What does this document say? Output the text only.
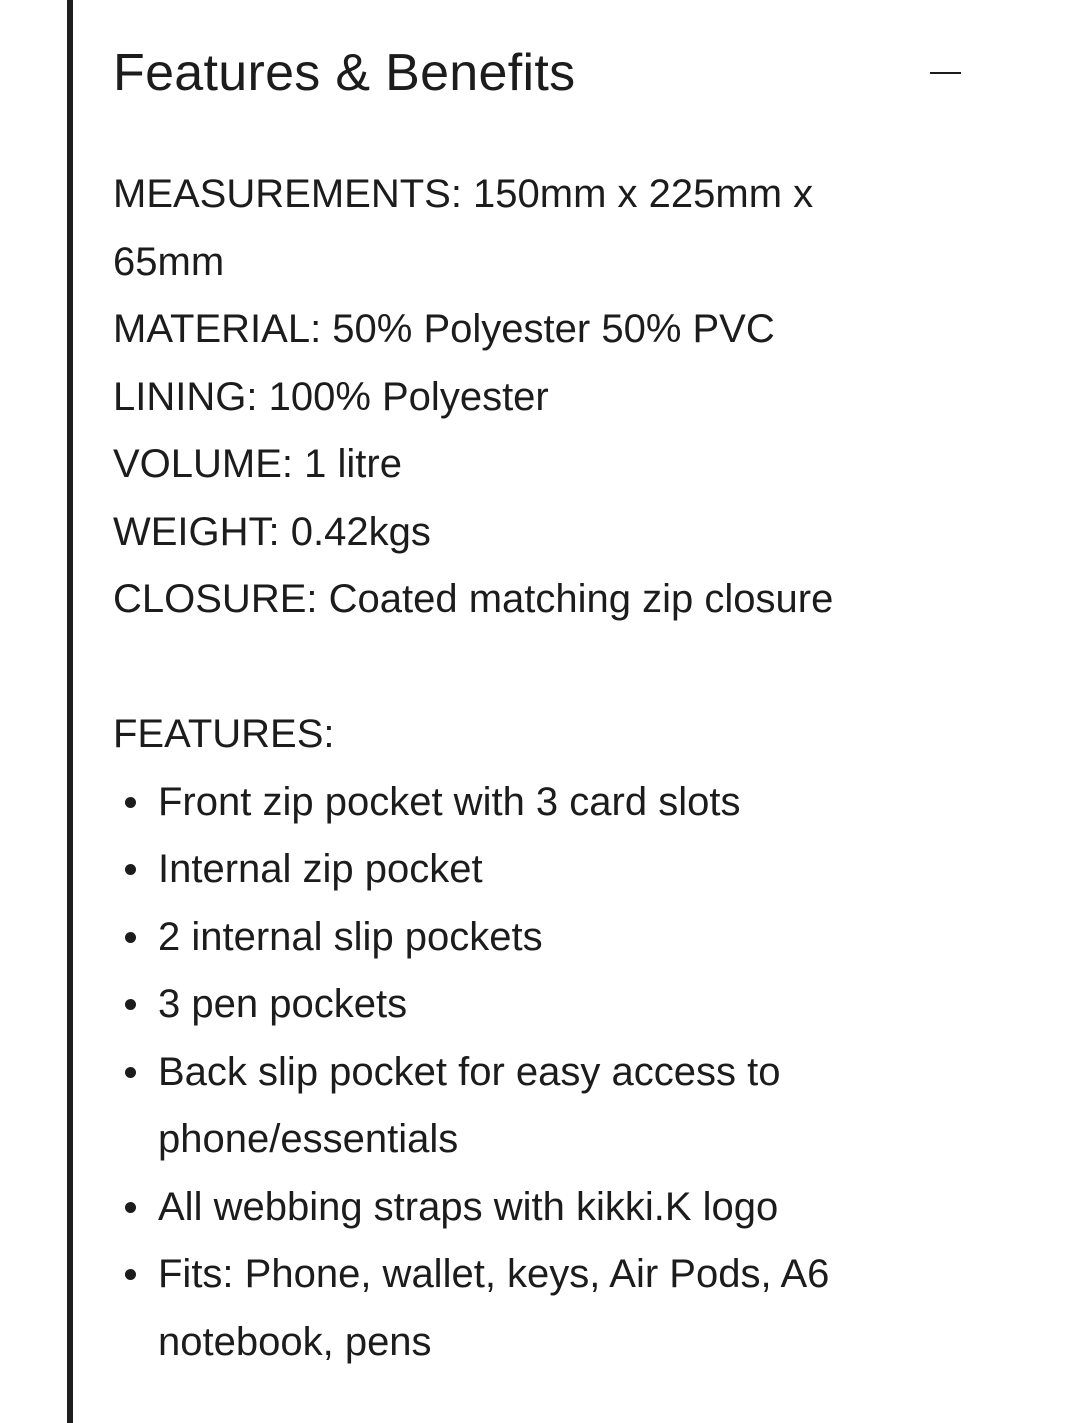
Features & Benefits
MEASUREMENTS: 150mm x 225mm x 65mm
MATERIAL: 50% Polyester 50% PVC
LINING: 100% Polyester
VOLUME: 1 litre
WEIGHT: 0.42kgs
CLOSURE: Coated matching zip closure
FEATURES:
Front zip pocket with 3 card slots
Internal zip pocket
2 internal slip pockets
3 pen pockets
Back slip pocket for easy access to phone/essentials
All webbing straps with kikki.K logo
Fits: Phone, wallet, keys, Air Pods, A6 notebook, pens
